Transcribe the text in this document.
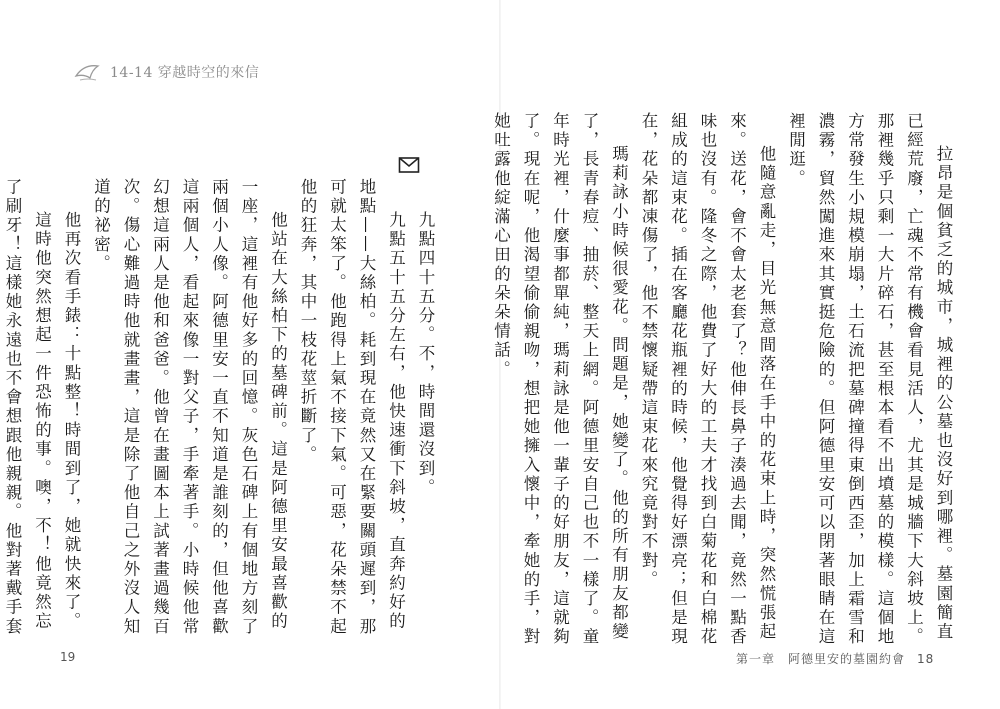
14-14 穿越時空的來信

拉昂是個貧乏的城市，城裡的公墓也沒好到哪裡。墓園簡直已經荒廢，亡魂不常有機會看見活人，尤其是城牆下大斜坡上。那裡幾乎只剩一大片碎石，甚至根本看不出墳墓的模樣。這個地方常發生小規模崩塌，土石流把墓碑撞得東倒西歪，加上霜雪和濃霧，貿然闖進來其實挺危險的。但阿德里安可以閉著眼睛在這裡閒逛。

他隨意亂走，目光無意間落在手中的花束上時，突然慌張起來。送花，會不會太老套了？他伸長鼻子湊過去聞，竟然一點香味也沒有。隆冬之際，他費了好大的工夫才找到白菊花和白棉花組成的這束花。插在客廳花瓶裡的時候，他覺得好漂亮；但是現在，花朵都凍傷了，他不禁懷疑帶這束花來究竟對不對。

瑪莉詠小時候很愛花。問題是，她變了。他的所有朋友都變了，長青春痘、抽菸、整天上網。阿德里安自己也不一樣了。童年時光裡，什麼事都單純，瑪莉詠是他一輩子的好朋友，這就夠了。現在呢，他渴望偷偷親吻，想把她擁入懷中，牽她的手，對她吐露他綻滿心田的朵朵情話。

九點四十五分。不，時間還沒到。

九點五十五分左右，他快速衝下斜坡，直奔約好的地點——大絲柏。耗到現在竟然又在緊要關頭遲到，那可就太笨了。他跑得上氣不接下氣。可惡，花朵禁不起他的狂奔，其中一枝花莖折斷了。

他站在大絲柏下的墓碑前。這是阿德里安最喜歡的一座，這裡有他好多的回憶。灰色石碑上有個地方刻了兩個小人像。阿德里安一直不知道是誰刻的，但他喜歡這兩個人，看起來像一對父子，手牽著手。小時候他常幻想這兩人是他和爸爸。他曾在畫圖本上試著畫過幾百次。傷心難過時他就畫畫，這是除了他自己之外沒人知道的祕密。

他再次看手錶：十點整！時間到了，她就快來了。

這時他突然想起一件恐怖的事。噢，不！他竟然忘了刷牙！這樣她永遠也不會想跟他親親。他對著戴手套

19	第一章　阿德里安的墓園約會 18
